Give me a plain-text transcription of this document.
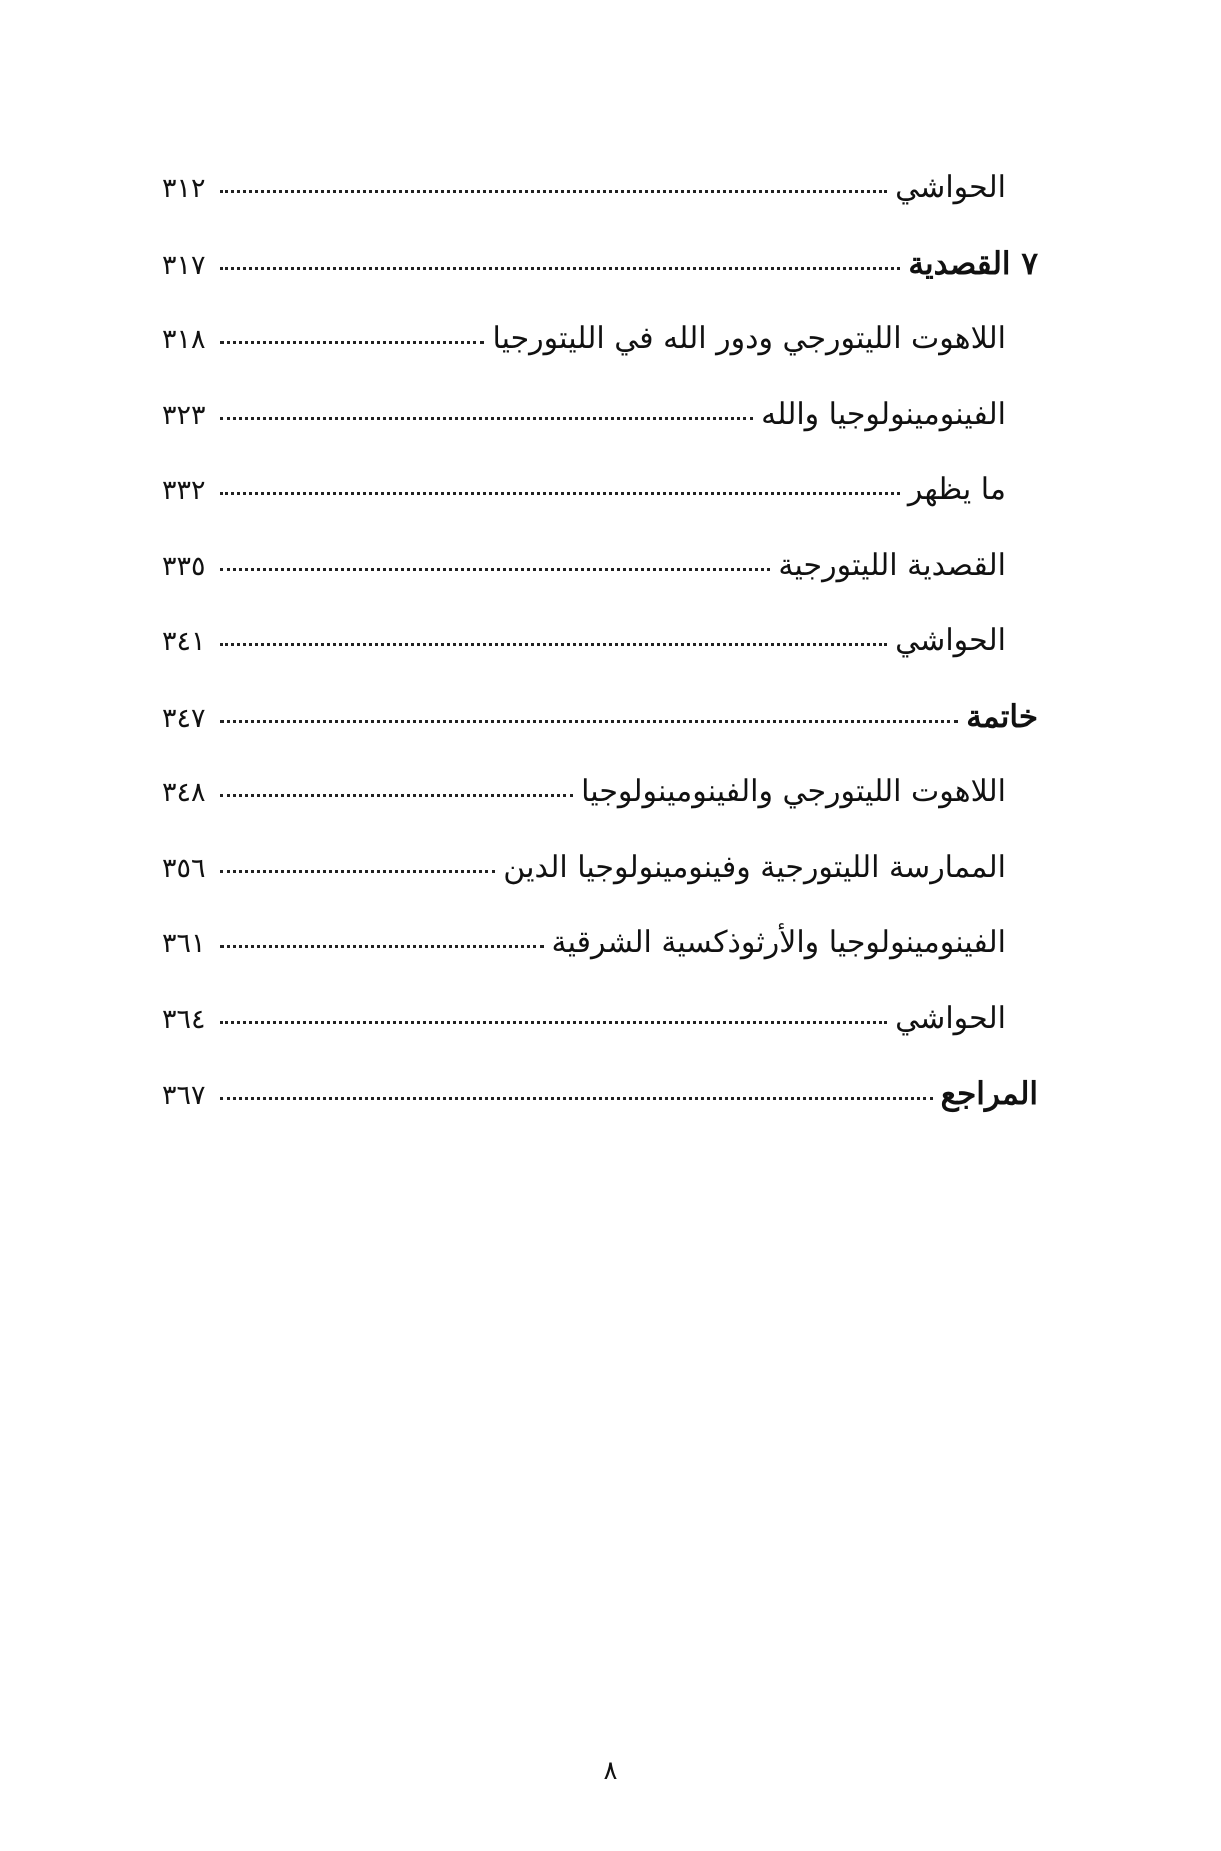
الحواشي
٣١٢
٧ القصدية
٣١٧
اللاهوت الليتورجي ودور الله في الليتورجيا
٣١٨
الفينومينولوجيا والله
٣٢٣
ما يظهر
٣٣٢
القصدية الليتورجية
٣٣٥
الحواشي
٣٤١
خاتمة
٣٤٧
اللاهوت الليتورجي والفينومينولوجيا
٣٤٨
الممارسة الليتورجية وفينومينولوجيا الدين
٣٥٦
الفينومينولوجيا والأرثوذكسية الشرقية
٣٦١
الحواشي
٣٦٤
المراجع
٣٦٧
٨
